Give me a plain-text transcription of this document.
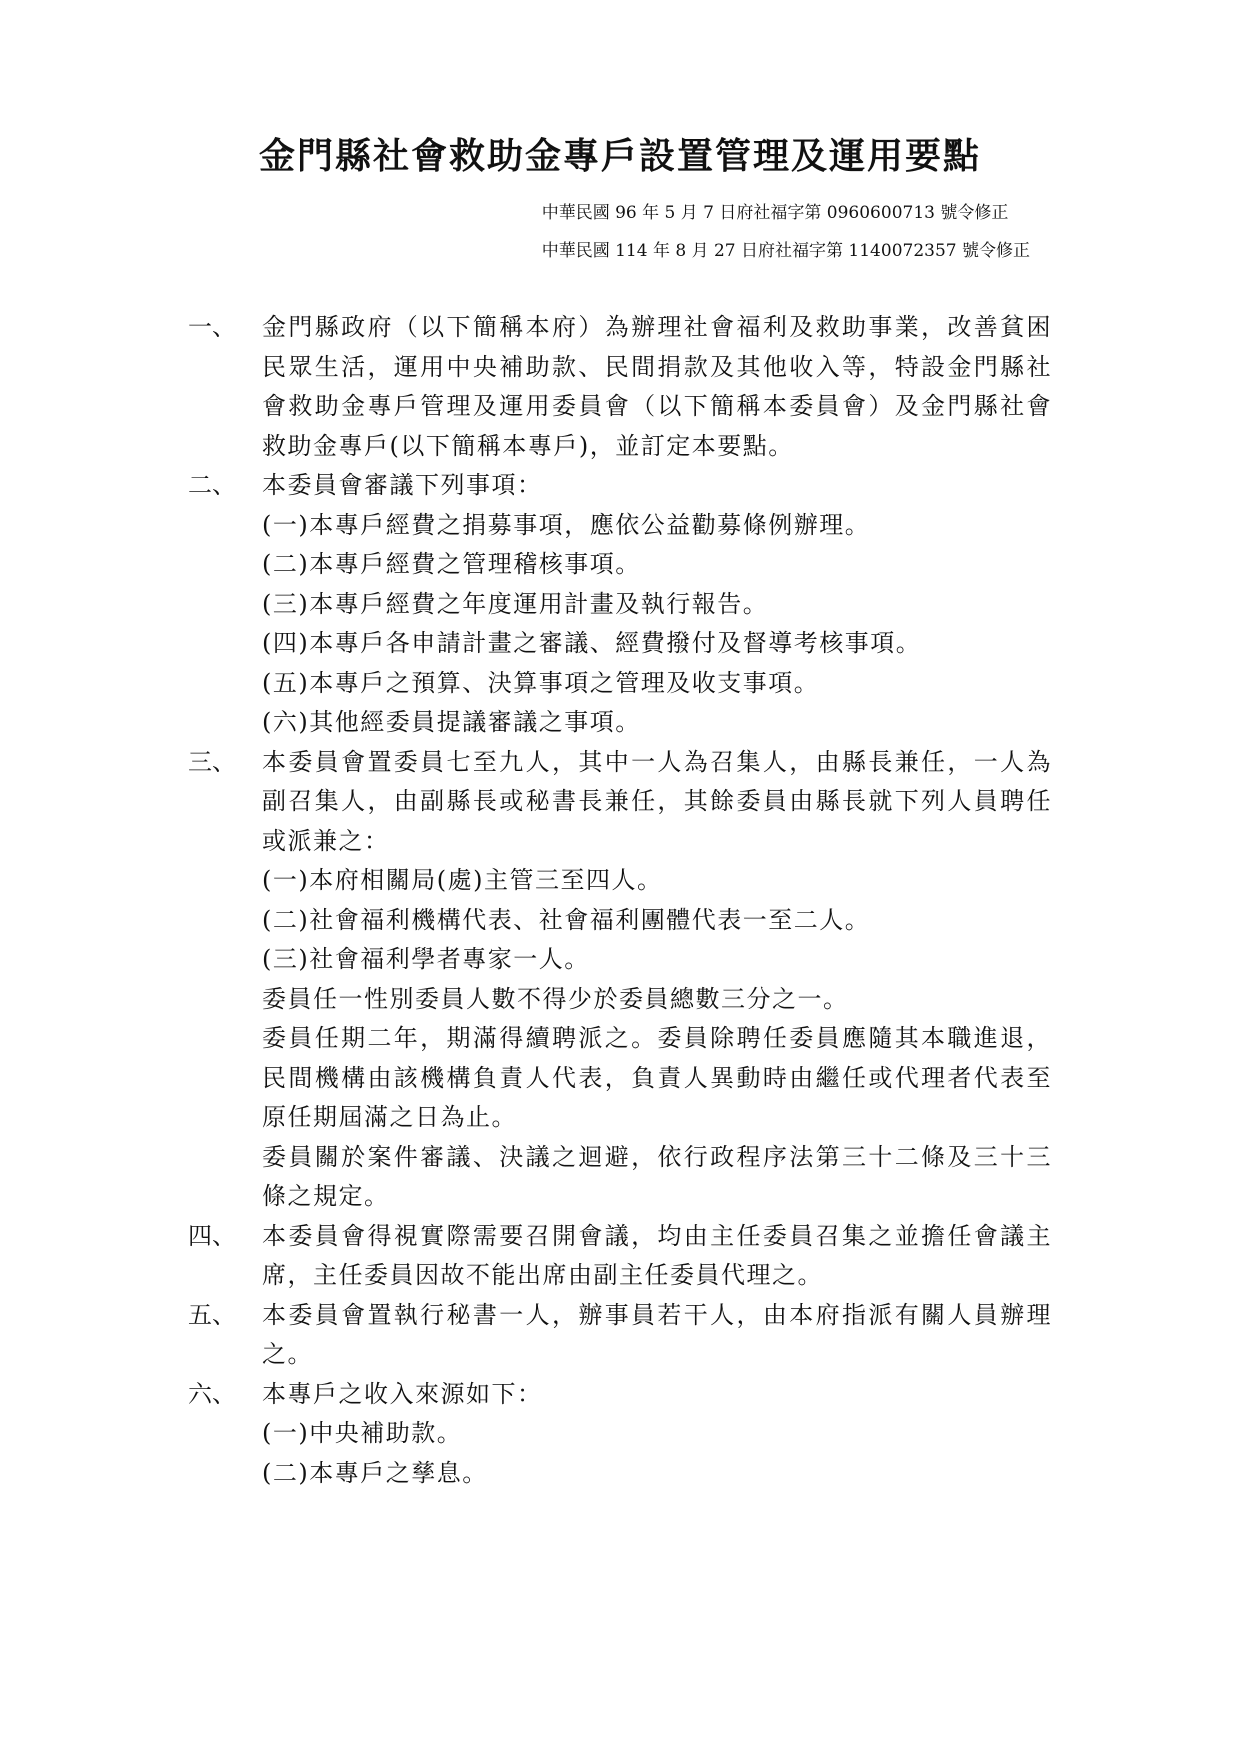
金門縣社會救助金專戶設置管理及運用要點
中華民國 96 年 5 月 7 日府社福字第 0960600713 號令修正
中華民國 114 年 8 月 27 日府社福字第 1140072357 號令修正
一、 金門縣政府（以下簡稱本府）為辦理社會福利及救助事業，改善貧困民眾生活，運用中央補助款、民間捐款及其他收入等，特設金門縣社會救助金專戶管理及運用委員會（以下簡稱本委員會）及金門縣社會救助金專戶(以下簡稱本專戶)，並訂定本要點。
二、 本委員會審議下列事項：
(一)本專戶經費之捐募事項，應依公益勸募條例辦理。
(二)本專戶經費之管理稽核事項。
(三)本專戶經費之年度運用計畫及執行報告。
(四)本專戶各申請計畫之審議、經費撥付及督導考核事項。
(五)本專戶之預算、決算事項之管理及收支事項。
(六)其他經委員提議審議之事項。
三、 本委員會置委員七至九人，其中一人為召集人，由縣長兼任，一人為副召集人，由副縣長或秘書長兼任，其餘委員由縣長就下列人員聘任或派兼之：
(一)本府相關局(處)主管三至四人。
(二)社會福利機構代表、社會福利團體代表一至二人。
(三)社會福利學者專家一人。
委員任一性別委員人數不得少於委員總數三分之一。
委員任期二年，期滿得續聘派之。委員除聘任委員應隨其本職進退，民間機構由該機構負責人代表，負責人異動時由繼任或代理者代表至原任期屆滿之日為止。
委員關於案件審議、決議之迴避，依行政程序法第三十二條及三十三條之規定。
四、 本委員會得視實際需要召開會議，均由主任委員召集之並擔任會議主席，主任委員因故不能出席由副主任委員代理之。
五、 本委員會置執行秘書一人，辦事員若干人，由本府指派有關人員辦理之。
六、 本專戶之收入來源如下：
(一)中央補助款。
(二)本專戶之孳息。
